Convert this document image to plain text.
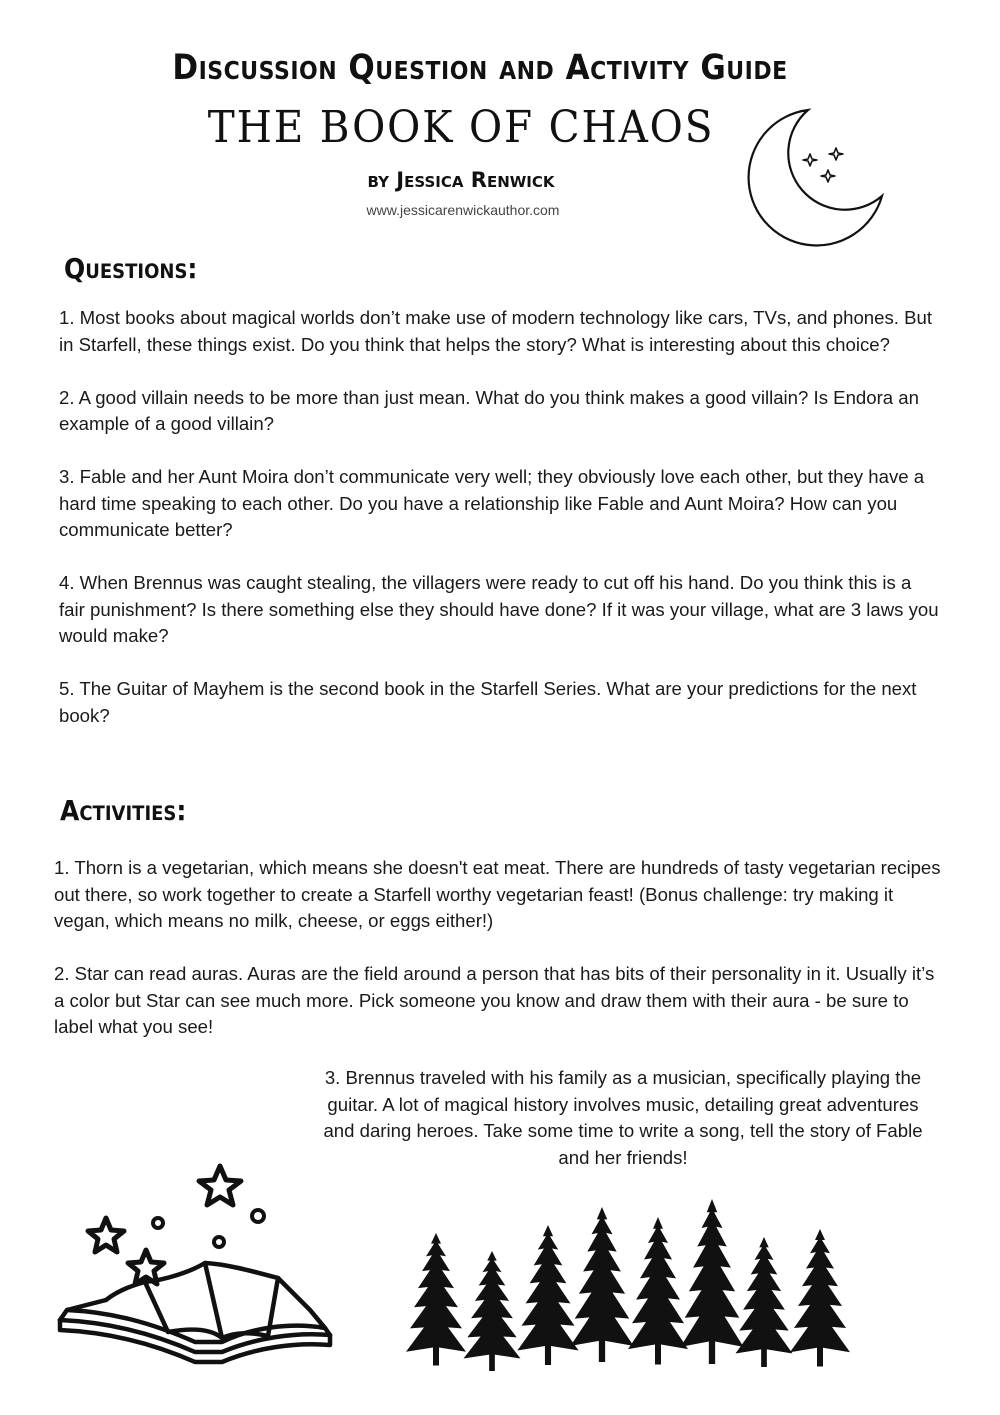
Discussion Question and Activity Guide
THE BOOK OF CHAOS
by Jessica Renwick
www.jessicarenwickauthor.com
Questions:

1. Most books about magical worlds don’t make use of modern technology like cars, TVs, and phones. But in Starfell, these things exist. Do you think that helps the story? What is interesting about this choice?

2. A good villain needs to be more than just mean. What do you think makes a good villain? Is Endora an example of a good villain?

3. Fable and her Aunt Moira don’t communicate very well; they obviously love each other, but they have a hard time speaking to each other. Do you have a relationship like Fable and Aunt Moira? How can you communicate better?

4. When Brennus was caught stealing, the villagers were ready to cut off his hand. Do you think this is a fair punishment? Is there something else they should have done? If it was your village, what are 3 laws you would make?

5. The Guitar of Mayhem is the second book in the Starfell Series. What are your predictions for the next book?

Activities:

1. Thorn is a vegetarian, which means she doesn't eat meat. There are hundreds of tasty vegetarian recipes out there, so work together to create a Starfell worthy vegetarian feast! (Bonus challenge: try making it vegan, which means no milk, cheese, or eggs either!)

2. Star can read auras. Auras are the field around a person that has bits of their personality in it. Usually it’s a color but Star can see much more. Pick someone you know and draw them with their aura - be sure to label what you see!

3. Brennus traveled with his family as a musician, specifically playing the guitar. A lot of magical history involves music, detailing great adventures and daring heroes. Take some time to write a song, tell the story of Fable and her friends!
